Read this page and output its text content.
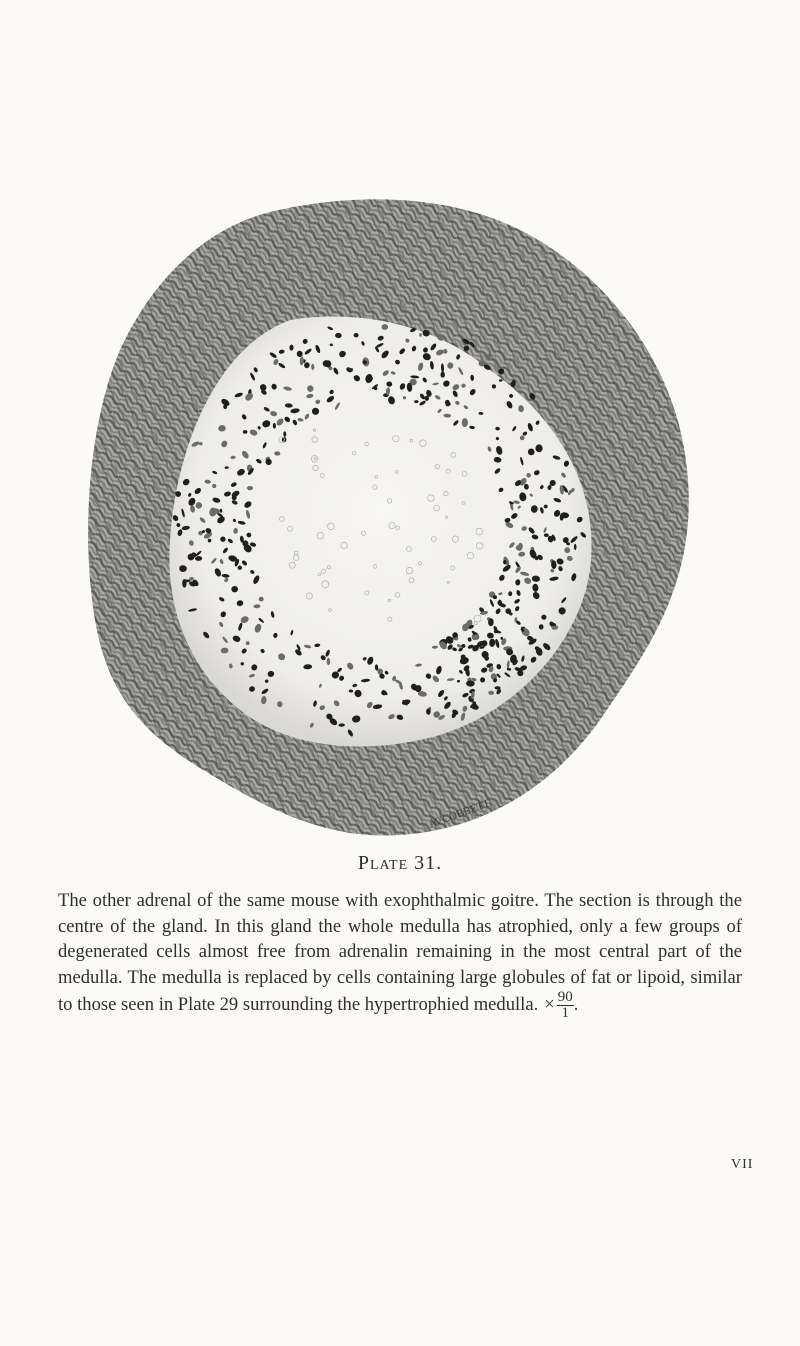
AVCOBBETT.
Plate 31.

The other adrenal of the same mouse with exophthalmic goitre. The section is through the centre of the gland. In this gland the whole medulla has atrophied, only a few groups of degenerated cells almost free from adrenalin remaining in the most central part of the medulla. The medulla is replaced by cells containing large globules of fat or lipoid, similar to those seen in Plate 29 surrounding the hypertrophied medulla. × $\frac{90}{1}$ .

VII
